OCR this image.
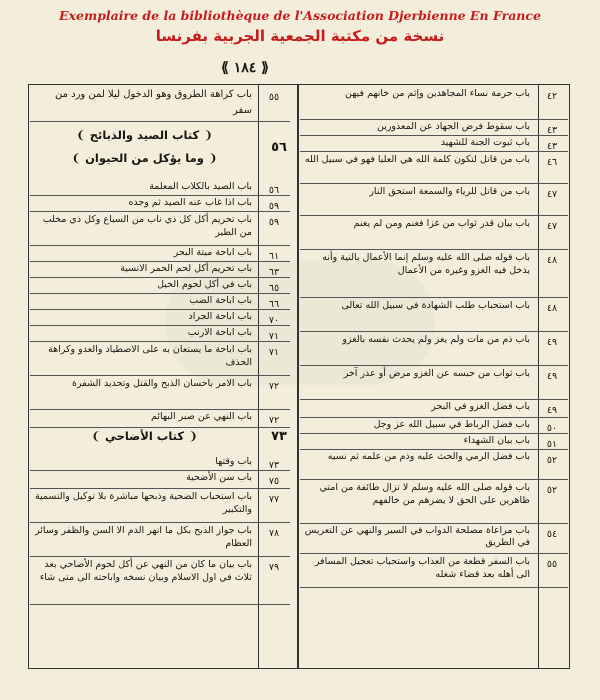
Exemplaire de la bibliothèque de l'Association Djerbienne En France
نسخة من مكتبة الجمعية الجربية بفرنسا
⟪ ١٨٤ ⟫
٤٢
باب حرمة نساء المجاهدين وإثم من خانهم فيهن
٤٣
باب سقوط فرض الجهاد عن المعذورين
٤٣
باب ثبوت الجنة للشهيد
٤٦
باب من قاتل لتكون كلمة الله هي العليا فهو في سبيل الله
٤٧
باب من قاتل للرياء والسمعة استحق النار
٤٧
باب بيان قدر ثواب من غزا فغنم ومن لم يغنم
٤٨
باب قوله صلى الله عليه وسلم إنما الأعمال بالنية وأنه يدخل فيه الغزو وغيره من الأعمال
٤٨
باب استحباب طلب الشهادة في سبيل الله تعالى
٤٩
باب ذم من مات ولم يغز ولم يحدث نفسه بالغزو
٤٩
باب ثواب من حبسه عن الغزو مرض أو عذر آخر
٤٩
باب فضل الغزو في البحر
٥٠
باب فضل الرباط في سبيل الله عز وجل
٥١
باب بيان الشهداء
٥٢
باب فضل الرمي والحث عليه وذم من علمه ثم نسيه
٥٢
باب قوله صلى الله عليه وسلم لا تزال طائفة من امتي ظاهرين على الحق لا يضرهم من خالفهم
٥٤
باب مراعاة مصلحة الدواب في السير والنهي عن التعريس في الطريق
٥٥
باب السفر قطعة من العذاب واستحباب تعجيل المسافر الى أهله بعد قضاء شغله
٥٥
باب كراهة الطروق وهو الدخول ليلا لمن ورد من سفر
٥٦
❨ كتاب الصيد والذبائح ❩
❨ وما يؤكل من الحيوان ❩
٥٦
باب الصيد بالكلاب المعلمة
٥٩
باب اذا غاب عنه الصيد ثم وجده
٥٩
باب تحريم أكل كل ذي ناب من السباع وكل ذي مخلب من الطير
٦١
باب اباحة ميتة البحر
٦٣
باب تحريم أكل لحم الحمر الانسية
٦٥
باب في أكل لحوم الخيل
٦٦
باب اباحة الضب
٧٠
باب اباحة الجراد
٧١
باب اباحة الارنب
٧١
باب اباحة ما يستعان به على الاصطياد والعدو وكراهة الحذف
٧٢
باب الامر باحسان الذبح والقتل وتحديد الشفرة
٧٢
باب النهي عن صبر البهائم
٧٣
❨ كتاب الأضاحي ❩
٧٣
باب وقتها
٧٥
باب سن الأضحية
٧٧
باب استحباب الضحية وذبحها مباشرة بلا توكيل والتسمية والتكبير
٧٨
باب جواز الذبح بكل ما انهر الدم الا السن والظفر وسائر العظام
٧٩
باب بيان ما كان من النهي عن أكل لحوم الأضاحي بعد ثلاث في اول الاسلام وبيان نسخه واباحته الى متى شاء
